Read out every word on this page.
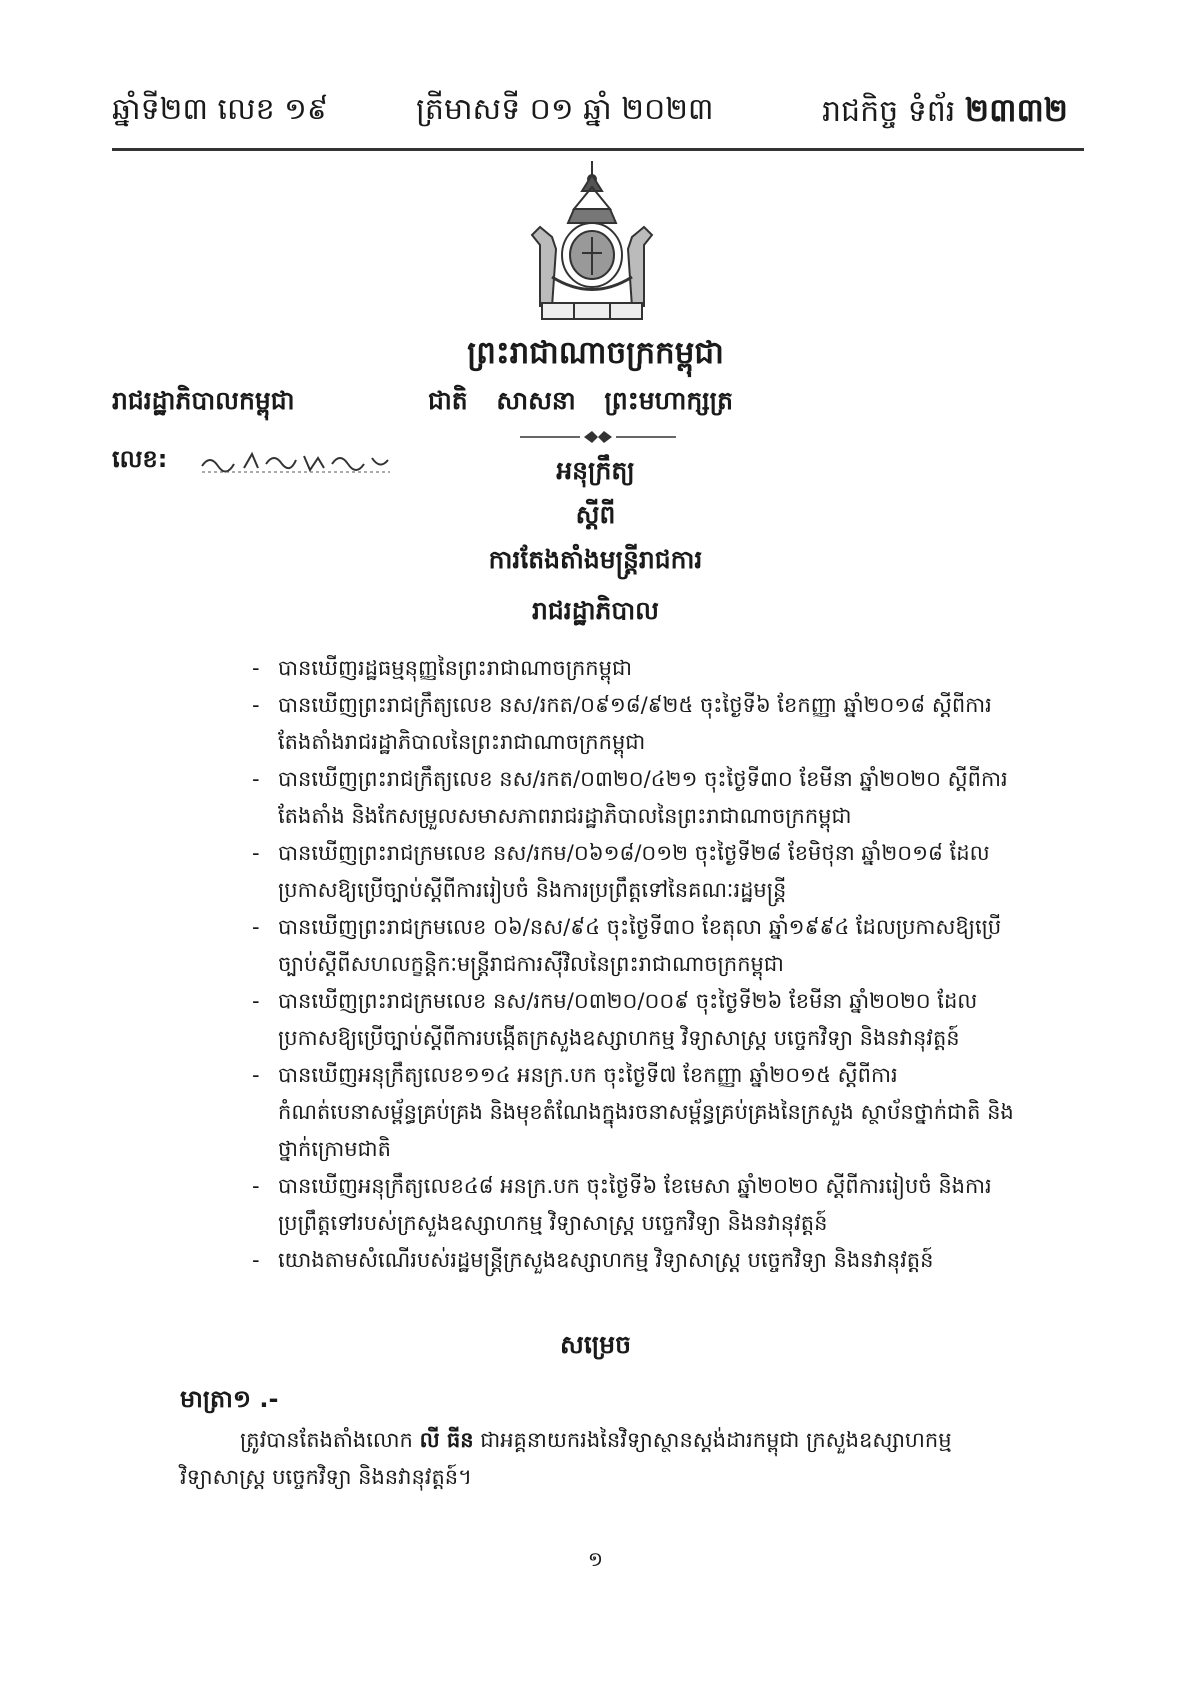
ឆ្នាំទី២៣ លេខ ១៩	ត្រីមាសទី ០១ ឆ្នាំ ២០២៣	រាជកិច្ច ទំព័រ ២៣៣២
ព្រះរាជាណាចក្រកម្ពុជា
រាជរដ្ឋាភិបាលកម្ពុជា	ជាតិ សាសនា ព្រះមហាក្សត្រ
លេខ:	អនុក្រឹត្យ
ស្តីពី
ការតែងតាំងមន្ត្រីរាជការ
រាជរដ្ឋាភិបាល
- បានឃើញរដ្ឋធម្មនុញ្ញនៃព្រះរាជាណាចក្រកម្ពុជា
- បានឃើញព្រះរាជក្រឹត្យលេខ នស/រកត/០៩១៨/៩២៥ ចុះថ្ងៃទី៦ ខែកញ្ញា ឆ្នាំ២០១៨ ស្តីពីការតែងតាំងរាជរដ្ឋាភិបាលនៃព្រះរាជាណាចក្រកម្ពុជា
- បានឃើញព្រះរាជក្រឹត្យលេខ នស/រកត/០៣២០/៤២១ ចុះថ្ងៃទី៣០ ខែមីនា ឆ្នាំ២០២០ ស្តីពីការតែងតាំង និងកែសម្រួលសមាសភាពរាជរដ្ឋាភិបាលនៃព្រះរាជាណាចក្រកម្ពុជា
- បានឃើញព្រះរាជក្រមលេខ នស/រកម/០៦១៨/០១២ ចុះថ្ងៃទី២៨ ខែមិថុនា ឆ្នាំ២០១៨ ដែលប្រកាសឱ្យប្រើច្បាប់ស្តីពីការរៀបចំ និងការប្រព្រឹត្តទៅនៃគណៈរដ្ឋមន្ត្រី
- បានឃើញព្រះរាជក្រមលេខ ០៦/នស/៩៤ ចុះថ្ងៃទី៣០ ខែតុលា ឆ្នាំ១៩៩៤ ដែលប្រកាសឱ្យប្រើច្បាប់ស្តីពីសហលក្ខន្តិកៈមន្ត្រីរាជការស៊ីវិលនៃព្រះរាជាណាចក្រកម្ពុជា
- បានឃើញព្រះរាជក្រមលេខ នស/រកម/០៣២០/០០៩ ចុះថ្ងៃទី២៦ ខែមីនា ឆ្នាំ២០២០ ដែលប្រកាសឱ្យប្រើច្បាប់ស្តីពីការបង្កើតក្រសួងឧស្សាហកម្ម វិទ្យាសាស្ត្រ បច្ចេកវិទ្យា និងនវានុវត្តន៍
- បានឃើញអនុក្រឹត្យលេខ១១៤ អនក្រ.បក ចុះថ្ងៃទី៧ ខែកញ្ញា ឆ្នាំ២០១៥ ស្តីពីការកំណត់បេនាសម្ព័ន្ធគ្រប់គ្រង និងមុខតំណែងក្នុងរចនាសម្ព័ន្ធគ្រប់គ្រងនៃក្រសួង ស្ថាប័នថ្នាក់ជាតិ និងថ្នាក់ក្រោមជាតិ
- បានឃើញអនុក្រឹត្យលេខ៤៨ អនក្រ.បក ចុះថ្ងៃទី៦ ខែមេសា ឆ្នាំ២០២០ ស្តីពីការរៀបចំ និងការប្រព្រឹត្តទៅរបស់ក្រសួងឧស្សាហកម្ម វិទ្យាសាស្ត្រ បច្ចេកវិទ្យា និងនវានុវត្តន៍
- យោងតាមសំណើរបស់រដ្ឋមន្ត្រីក្រសួងឧស្សាហកម្ម វិទ្យាសាស្ត្រ បច្ចេកវិទ្យា និងនវានុវត្តន៍
សម្រេច
មាត្រា១ .-
ត្រូវបានតែងតាំងលោក លី ធីន ជាអគ្គនាយករងនៃវិទ្យាស្ថានស្តង់ដារកម្ពុជា ក្រសួងឧស្សាហកម្ម វិទ្យាសាស្ត្រ បច្ចេកវិទ្យា និងនវានុវត្តន៍។
១
